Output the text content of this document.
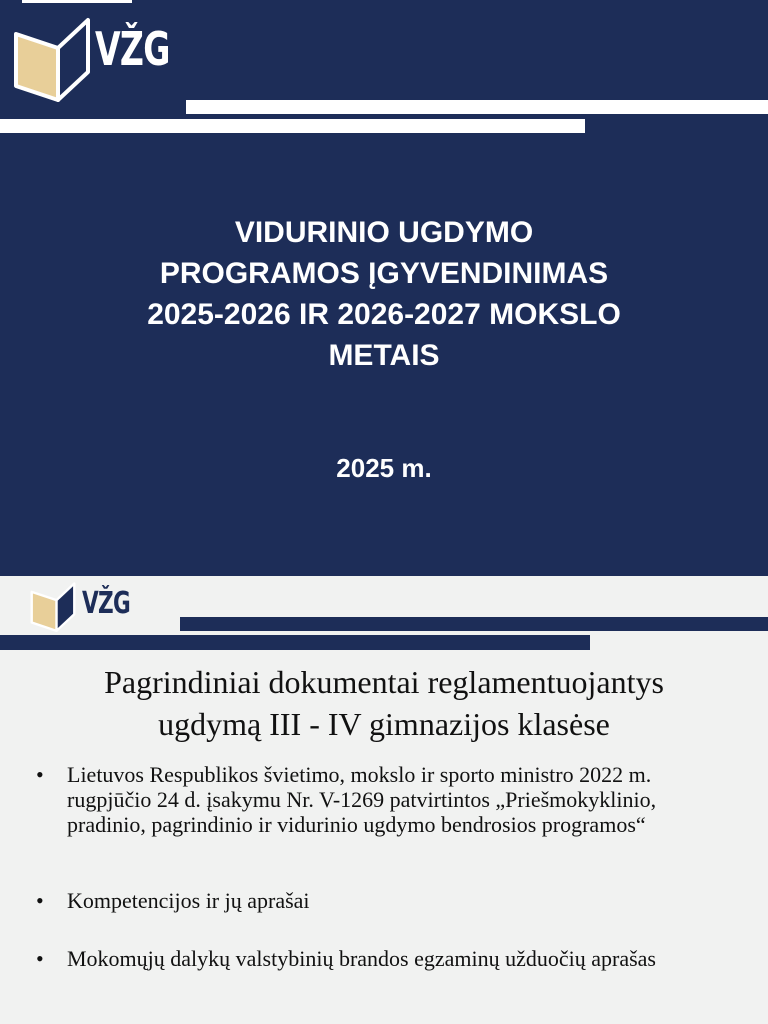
VŽG
VIDURINIO UGDYMO
PROGRAMOS ĮGYVENDINIMAS
2025-2026 IR 2026-2027 MOKSLO
METAIS
2025 m.
VŽG
Pagrindiniai dokumentai reglamentuojantys
ugdymą III - IV gimnazijos klasėse
• Lietuvos Respublikos švietimo, mokslo ir sporto ministro 2022 m. rugpjūčio 24 d. įsakymu Nr. V-1269 patvirtintos „Priešmokyklinio, pradinio, pagrindinio ir vidurinio ugdymo bendrosios programos“
• Kompetencijos ir jų aprašai
• Mokomųjų dalykų valstybinių brandos egzaminų užduočių aprašas
